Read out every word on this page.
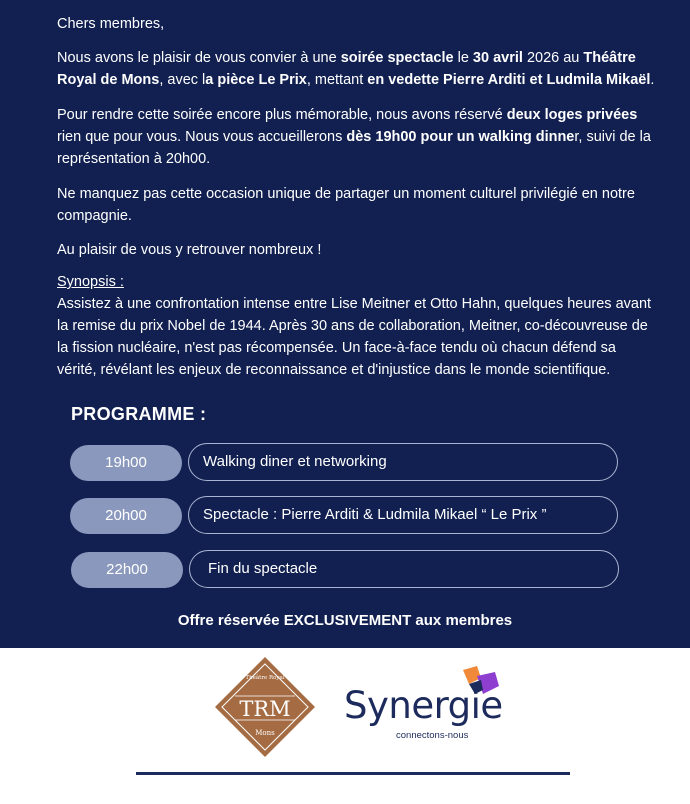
Chers membres,

Nous avons le plaisir de vous convier à une soirée spectacle le 30 avril 2026 au Théâtre Royal de Mons, avec la pièce Le Prix, mettant en vedette Pierre Arditi et Ludmila Mikaël.

Pour rendre cette soirée encore plus mémorable, nous avons réservé deux loges privées rien que pour vous. Nous vous accueillerons dès 19h00 pour un walking dinner, suivi de la représentation à 20h00.

Ne manquez pas cette occasion unique de partager un moment culturel privilégié en notre compagnie.

Au plaisir de vous y retrouver nombreux !

Synopsis :

Assistez à une confrontation intense entre Lise Meitner et Otto Hahn, quelques heures avant la remise du prix Nobel de 1944. Après 30 ans de collaboration, Meitner, co-découvreuse de la fission nucléaire, n'est pas récompensée. Un face-à-face tendu où chacun défend sa vérité, révélant les enjeux de reconnaissance et d'injustice dans le monde scientifique.

PROGRAMME :
19h00	Walking diner et networking
20h00	Spectacle : Pierre Arditi & Ludmila Mikael “ Le Prix ”
22h00	Fin du spectacle
Offre réservée EXCLUSIVEMENT aux membres
Théâtre Royal
TRM
Mons
Synergie
connectons-nous
